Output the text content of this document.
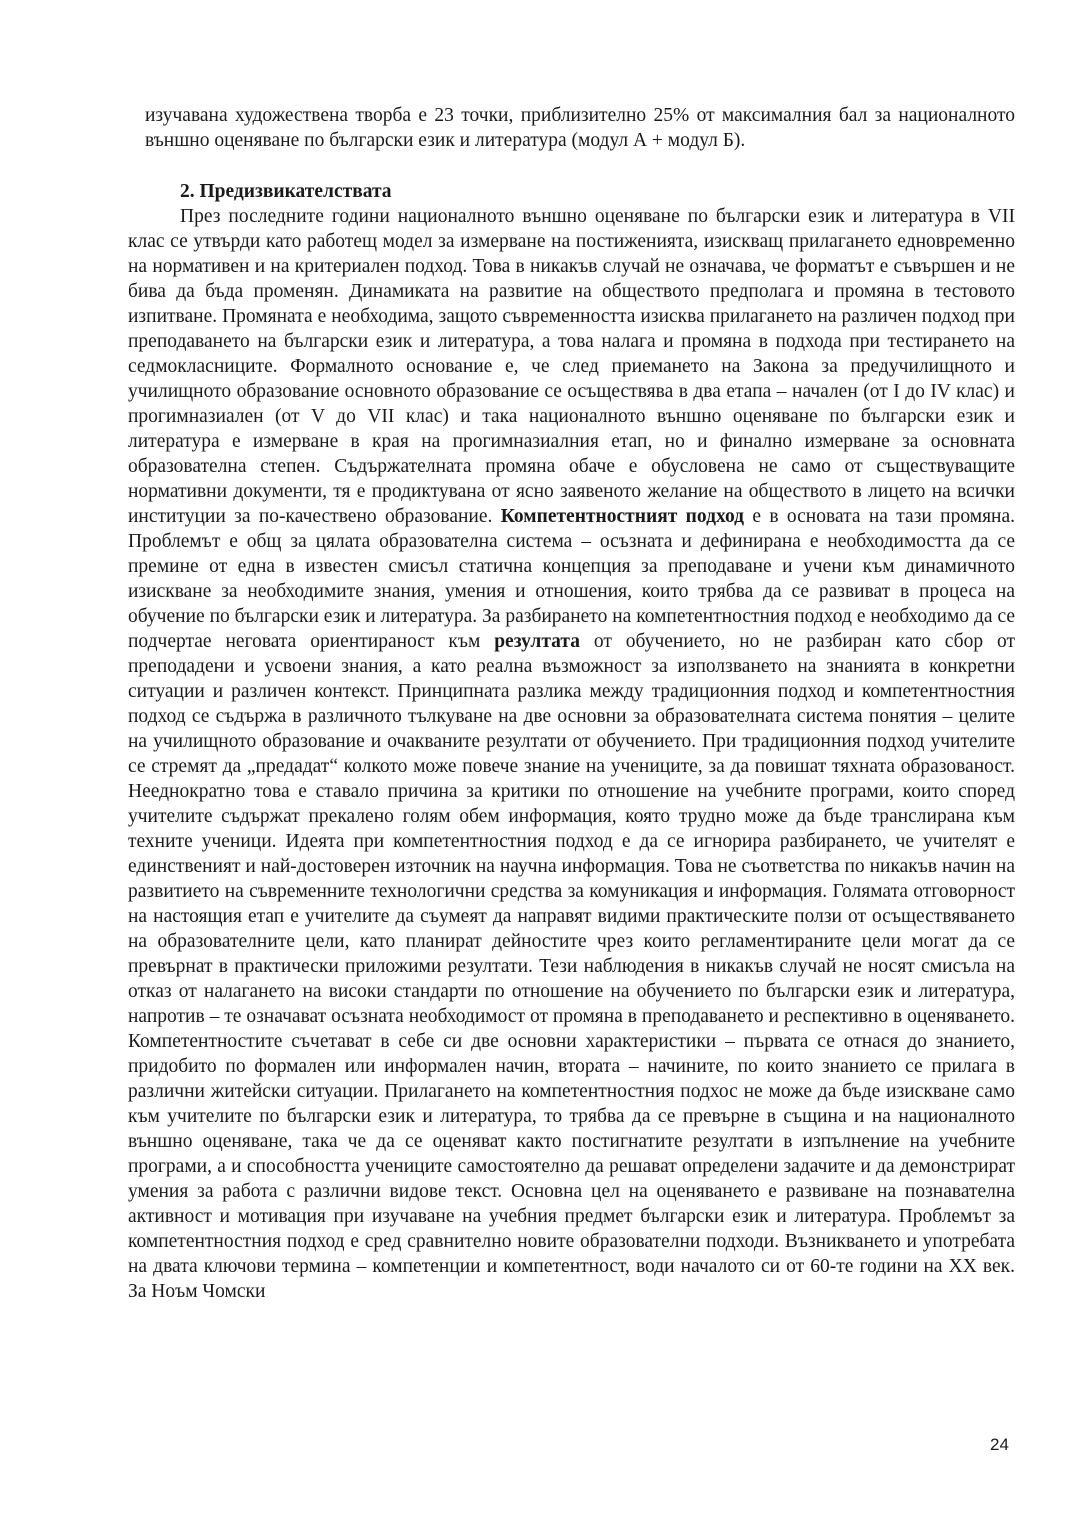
изучавана художествена творба е 23 точки, приблизително 25% от максималния бал за националното външно оценяване по български език и литература (модул А + модул Б).

2. Предизвикателствата

През последните години националното външно оценяване по български език и литература в VII клас се утвърди като работещ модел за измерване на постиженията, изискващ прилагането едновременно на нормативен и на критериален подход. Това в никакъв случай не означава, че форматът е съвършен и не бива да бъда променян. Динамиката на развитие на обществото предполага и промяна в тестовото изпитване. Промяната е необходима, защото съвременността изисква прилагането на различен подход при преподаването на български език и литература, а това налага и промяна в подхода при тестирането на седмокласниците. Формалното основание е, че след приемането на Закона за предучилищното и училищното образование основното образование се осъществява в два етапа – начален (от I до IV клас) и прогимназиален (от V до VII клас) и така националното външно оценяване по български език и литература е измерване в края на прогимназиалния етап, но и финално измерване за основната образователна степен. Съдържателната промяна обаче е обусловена не само от съществуващите нормативни документи, тя е продиктувана от ясно заявеното желание на обществото в лицето на всички институции за по-качествено образование. Компетентностният подход е в основата на тази промяна. Проблемът е общ за цялата образователна система – осъзната и дефинирана е необходимостта да се премине от една в известен смисъл статична концепция за преподаване и учени към динамичното изискване за необходимите знания, умения и отношения, които трябва да се развиват в процеса на обучение по български език и литература. За разбирането на компетентностния подход е необходимо да се подчертае неговата ориентираност към резултата от обучението, но не разбиран като сбор от преподадени и усвоени знания, а като реална възможност за използването на знанията в конкретни ситуации и различен контекст. Принципната разлика между традиционния подход и компетентностния подход се съдържа в различното тълкуване на две основни за образователната система понятия – целите на училищното образование и очакваните резултати от обучението. При традиционния подход учителите се стремят да „предадат“ колкото може повече знание на учениците, за да повишат тяхната образованост. Нееднократно това е ставало причина за критики по отношение на учебните програми, които според учителите съдържат прекалено голям обем информация, която трудно може да бъде транслирана към техните ученици. Идеята при компетентностния подход е да се игнорира разбирането, че учителят е единственият и най-достоверен източник на научна информация. Това не съответства по никакъв начин на развитието на съвременните технологични средства за комуникация и информация. Голямата отговорност на настоящия етап е учителите да съумеят да направят видими практическите ползи от осъществяването на образователните цели, като планират дейностите чрез които регламентираните цели могат да се превърнат в практически приложими резултати. Тези наблюдения в никакъв случай не носят смисъла на отказ от налагането на високи стандарти по отношение на обучението по български език и литература, напротив – те означават осъзната необходимост от промяна в преподаването и респективно в оценяването. Компетентностите съчетават в себе си две основни характеристики – първата се отнася до знанието, придобито по формален или информален начин, втората – начините, по които знанието се прилага в различни житейски ситуации. Прилагането на компетентностния подхос не може да бъде изискване само към учителите по български език и литература, то трябва да се превърне в същина и на националното външно оценяване, така че да се оценяват както постигнатите резултати в изпълнение на учебните програми, а и способността учениците самостоятелно да решават определени задачите и да демонстрират умения за работа с различни видове текст. Основна цел на оценяването е развиване на познавателна активност и мотивация при изучаване на учебния предмет български език и литература. Проблемът за компетентностния подход е сред сравнително новите образователни подходи. Възникването и употребата на двата ключови термина – компетенции и компетентност, води началото си от 60-те години на XX век. За Ноъм Чомски

24
